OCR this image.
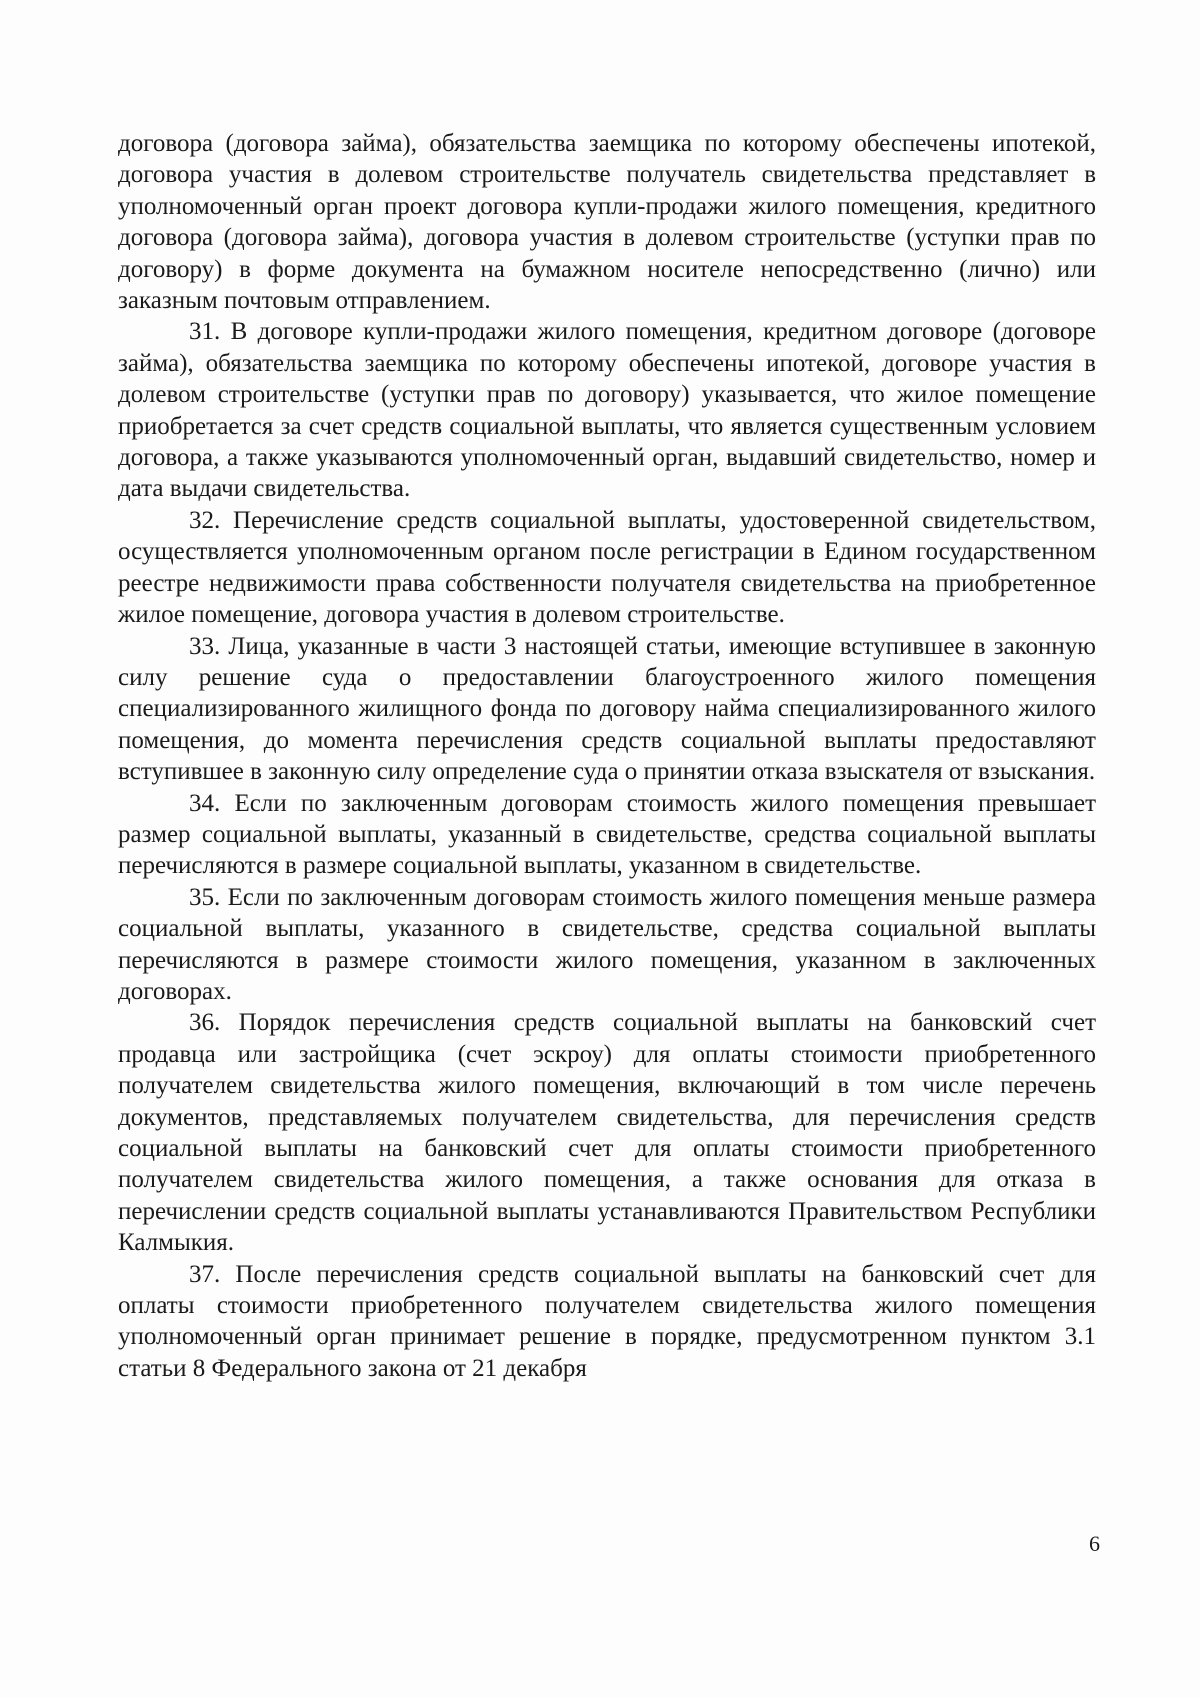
договора (договора займа), обязательства заемщика по которому обеспечены ипотекой, договора участия в долевом строительстве получатель свидетельства представляет в уполномоченный орган проект договора купли-продажи жилого помещения, кредитного договора (договора займа), договора участия в долевом строительстве (уступки прав по договору) в форме документа на бумажном носителе непосредственно (лично) или заказным почтовым отправлением.

31. В договоре купли-продажи жилого помещения, кредитном договоре (договоре займа), обязательства заемщика по которому обеспечены ипотекой, договоре участия в долевом строительстве (уступки прав по договору) указывается, что жилое помещение приобретается за счет средств социальной выплаты, что является существенным условием договора, а также указываются уполномоченный орган, выдавший свидетельство, номер и дата выдачи свидетельства.

32. Перечисление средств социальной выплаты, удостоверенной свидетельством, осуществляется уполномоченным органом после регистрации в Едином государственном реестре недвижимости права собственности получателя свидетельства на приобретенное жилое помещение, договора участия в долевом строительстве.

33. Лица, указанные в части 3 настоящей статьи, имеющие вступившее в законную силу решение суда о предоставлении благоустроенного жилого помещения специализированного жилищного фонда по договору найма специализированного жилого помещения, до момента перечисления средств социальной выплаты предоставляют вступившее в законную силу определение суда о принятии отказа взыскателя от взыскания.

34. Если по заключенным договорам стоимость жилого помещения превышает размер социальной выплаты, указанный в свидетельстве, средства социальной выплаты перечисляются в размере социальной выплаты, указанном в свидетельстве.

35. Если по заключенным договорам стоимость жилого помещения меньше размера социальной выплаты, указанного в свидетельстве, средства социальной выплаты перечисляются в размере стоимости жилого помещения, указанном в заключенных договорах.

36. Порядок перечисления средств социальной выплаты на банковский счет продавца или застройщика (счет эскроу) для оплаты стоимости приобретенного получателем свидетельства жилого помещения, включающий в том числе перечень документов, представляемых получателем свидетельства, для перечисления средств социальной выплаты на банковский счет для оплаты стоимости приобретенного получателем свидетельства жилого помещения, а также основания для отказа в перечислении средств социальной выплаты устанавливаются Правительством Республики Калмыкия.

37. После перечисления средств социальной выплаты на банковский счет для оплаты стоимости приобретенного получателем свидетельства жилого помещения уполномоченный орган принимает решение в порядке, предусмотренном пунктом 3.1 статьи 8 Федерального закона от 21 декабря

6
